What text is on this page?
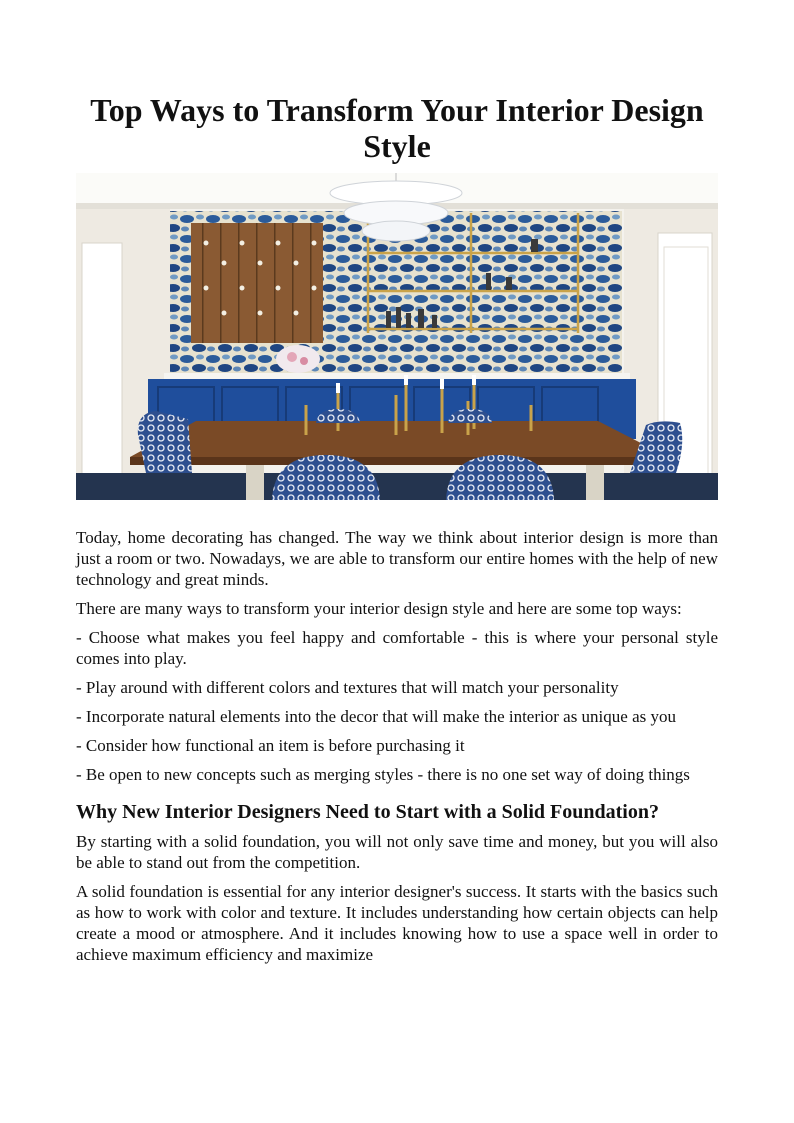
Top Ways to Transform Your Interior Design Style

Today, home decorating has changed. The way we think about interior design is more than just a room or two. Nowadays, we are able to transform our entire homes with the help of new technology and great minds.

There are many ways to transform your interior design style and here are some top ways:

- Choose what makes you feel happy and comfortable - this is where your personal style comes into play.

- Play around with different colors and textures that will match your personality

- Incorporate natural elements into the decor that will make the interior as unique as you

- Consider how functional an item is before purchasing it

- Be open to new concepts such as merging styles - there is no one set way of doing things

Why New Interior Designers Need to Start with a Solid Foundation?

By starting with a solid foundation, you will not only save time and money, but you will also be able to stand out from the competition.

A solid foundation is essential for any interior designer's success. It starts with the basics such as how to work with color and texture. It includes understanding how certain objects can help create a mood or atmosphere. And it includes knowing how to use a space well in order to achieve maximum efficiency and maximize
